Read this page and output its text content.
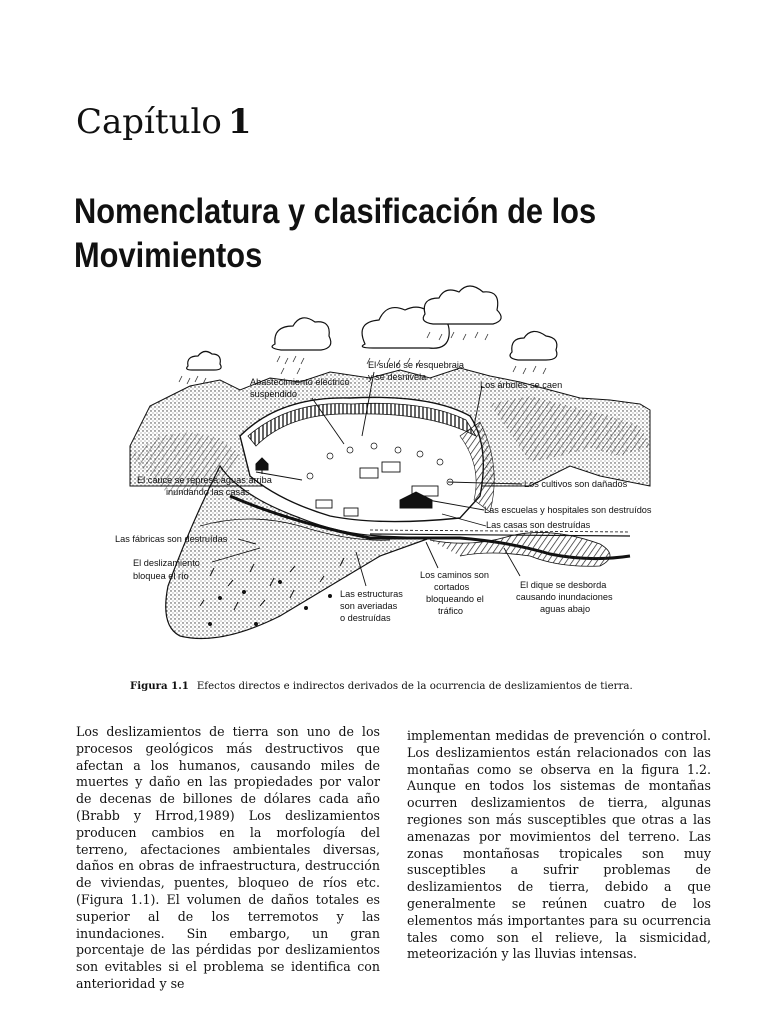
Capítulo 1
Nomenclatura y clasificación de los Movimientos
El suelo se resquebraja
y se desnivela
Abastecimiento eléctrico
suspendido
Los árboles se caen
El cauce se represa aguas arriba
inundando las casas
Los cultivos son dañados
Las escuelas y hospitales son destruídos
Las casas son destruídas
Las fábricas son destruídas
El deslizamiento
bloquea el río	Los caminos son
cortados
bloqueando el
tráfico
El dique se desborda
causando inundaciones
aguas abajo
Las estructuras
son averiadas
o destruídas
Figura 1.1 Efectos directos e indirectos derivados de la ocurrencia de deslizamientos de tierra.
Los deslizamientos de tierra son uno de los procesos geológicos más destructivos que afectan a los humanos, causando miles de muertes y daño en las propiedades por valor de decenas de billones de dólares cada año (Brabb y Hrrod,1989) Los deslizamientos producen cambios en la morfología del terreno, afectaciones ambientales diversas, daños en obras de infraestructura, destrucción de viviendas, puentes, bloqueo de ríos etc. (Figura 1.1). El volumen de daños totales es superior al de los terremotos y las inundaciones. Sin embargo, un gran porcentaje de las pérdidas por deslizamientos son evitables si el problema se identifica con anterioridad y se
implementan medidas de prevención o control. Los deslizamientos están relacionados con las montañas como se observa en la figura 1.2. Aunque en todos los sistemas de montañas ocurren deslizamientos de tierra, algunas regiones son más susceptibles que otras a las amenazas por movimientos del terreno. Las zonas montañosas tropicales son muy susceptibles a sufrir problemas de deslizamientos de tierra, debido a que generalmente se reúnen cuatro de los elementos más importantes para su ocurrencia tales como son el relieve, la sismicidad, meteorización y las lluvias intensas.
